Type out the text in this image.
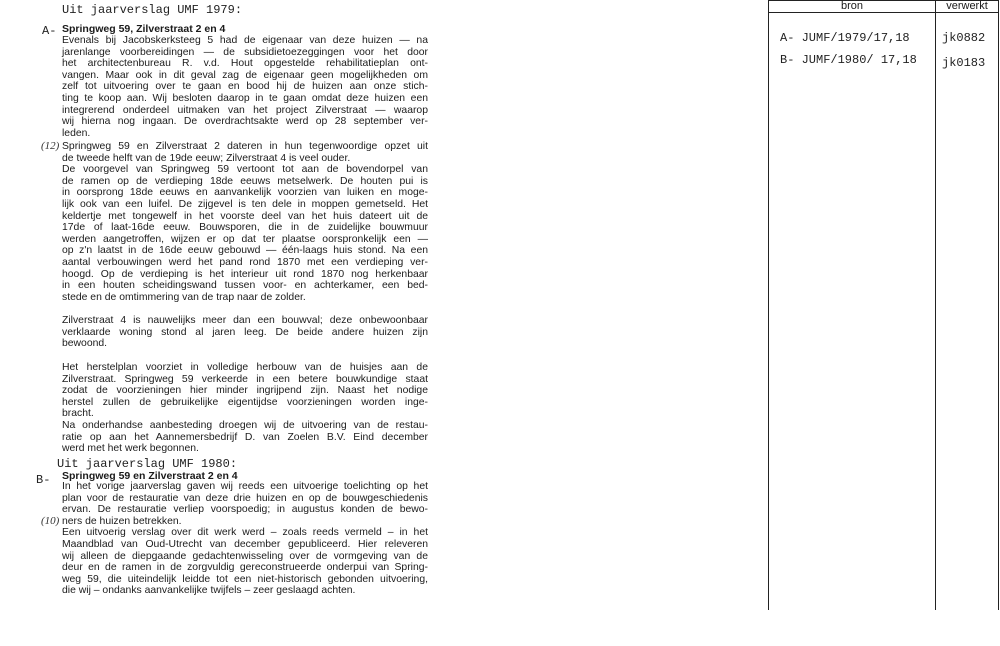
Uit jaarverslag UMF 1979:
A- Springweg 59, Zilverstraat 2 en 4
Evenals bij Jacobskerksteeg 5 had de eigenaar van deze huizen — na
jarenlange voorbereidingen — de subsidietoezeggingen voor het door
het architectenbureau R. v.d. Hout opgestelde rehabilitatieplan ont-
vangen. Maar ook in dit geval zag de eigenaar geen mogelijkheden om
zelf tot uitvoering over te gaan en bood hij de huizen aan onze stich-
ting te koop aan. Wij besloten daarop in te gaan omdat deze huizen een
integrerend onderdeel uitmaken van het project Zilverstraat — waarop
wij hierna nog ingaan. De overdrachtsakte werd op 28 september ver-
leden.
(12) Springweg 59 en Zilverstraat 2 dateren in hun tegenwoordige opzet uit
de tweede helft van de 19de eeuw; Zilverstraat 4 is veel ouder.
De voorgevel van Springweg 59 vertoont tot aan de bovendorpel van
de ramen op de verdieping 18de eeuws metselwerk. De houten pui is
in oorsprong 18de eeuws en aanvankelijk voorzien van luiken en moge-
lijk ook van een luifel. De zijgevel is ten dele in moppen gemetseld. Het
keldertje met tongewelf in het voorste deel van het huis dateert uit de
17de of laat-16de eeuw. Bouwsporen, die in de zuidelijke bouwmuur
werden aangetroffen, wijzen er op dat ter plaatse oorspronkelijk een —
op z'n laatst in de 16de eeuw gebouwd — één-laags huis stond. Na een
aantal verbouwingen werd het pand rond 1870 met een verdieping ver-
hoogd. Op de verdieping is het interieur uit rond 1870 nog herkenbaar
in een houten scheidingswand tussen voor- en achterkamer, een bed-
stede en de omtimmering van de trap naar de zolder.
Zilverstraat 4 is nauwelijks meer dan een bouwval; deze onbewoonbaar
verklaarde woning stond al jaren leeg. De beide andere huizen zijn
bewoond.
Het herstelplan voorziet in volledige herbouw van de huisjes aan de
Zilverstraat. Springweg 59 verkeerde in een betere bouwkundige staat
zodat de voorzieningen hier minder ingrijpend zijn. Naast het nodige
herstel zullen de gebruikelijke eigentijdse voorzieningen worden inge-
bracht.
Na onderhandse aanbesteding droegen wij de uitvoering van de restau-
ratie op aan het Aannemersbedrijf D. van Zoelen B.V. Eind december
werd met het werk begonnen.
Uit jaarverslag UMF 1980:
B- Springweg 59 en Zilverstraat 2 en 4
In het vorige jaarverslag gaven wij reeds een uitvoerige toelichting op het
plan voor de restauratie van deze drie huizen en op de bouwgeschiedenis
ervan. De restauratie verliep voorspoedig; in augustus konden de bewo-
ners de huizen betrekken.
Een uitvoerig verslag over dit werk werd – zoals reeds vermeld – in het
Maandblad van Oud-Utrecht van december gepubliceerd. Hier releveren
wij alleen de diepgaande gedachtenwisseling over de vormgeving van de
deur en de ramen in de zorgvuldig gereconstrueerde onderpui van Spring-
weg 59, die uiteindelijk leidde tot een niet-historisch gebonden uitvoering,
die wij – ondanks aanvankelijke twijfels – zeer geslaagd achten.
(10)
bron	verwerkt
A- JUMF/1979/17,18	jk0882
B- JUMF/1980/ 17,18 jk0183
